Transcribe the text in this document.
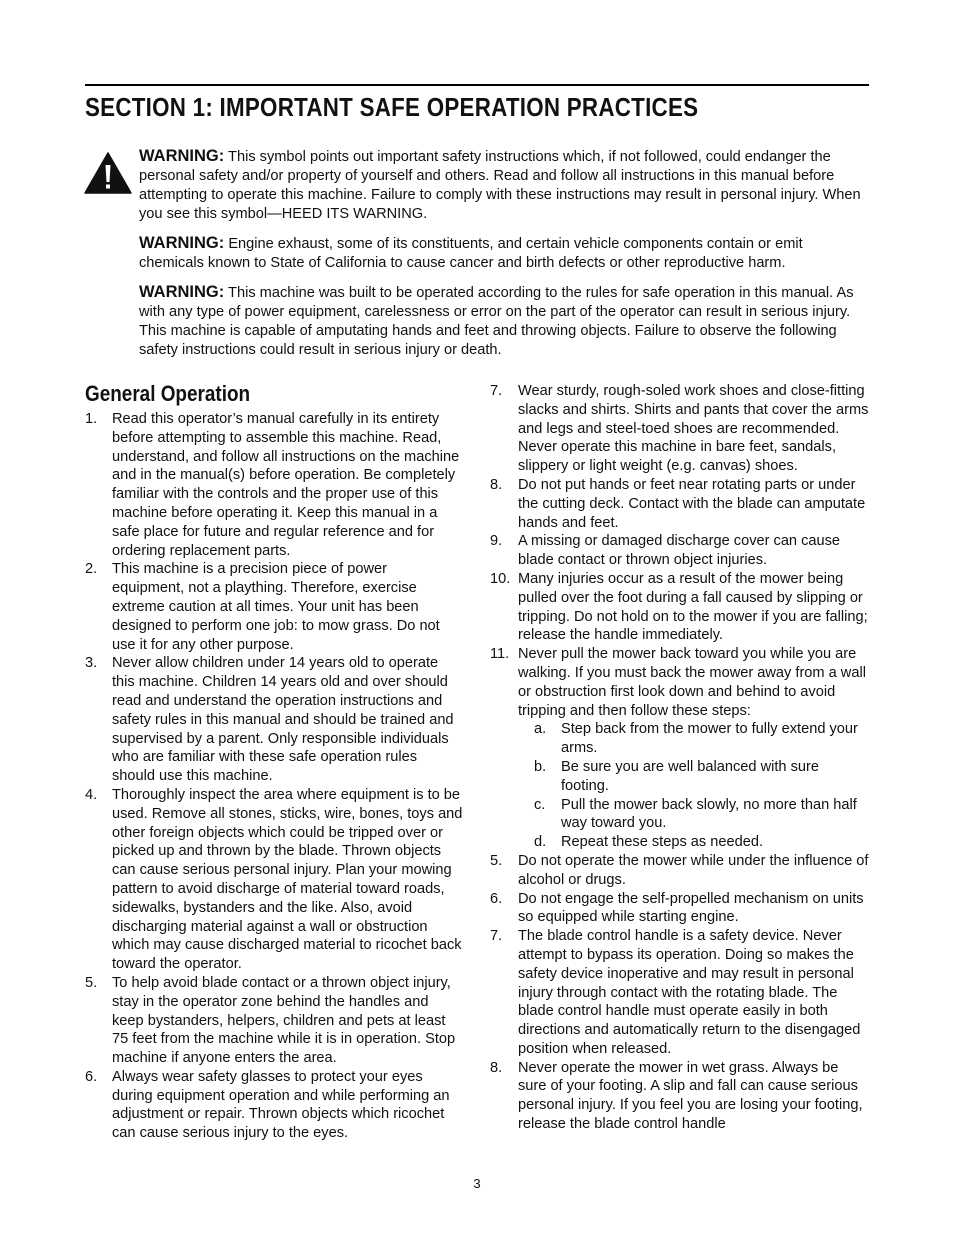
SECTION 1: IMPORTANT SAFE OPERATION PRACTICES

WARNING: This symbol points out important safety instructions which, if not followed, could endanger the personal safety and/or property of yourself and others. Read and follow all instructions in this manual before attempting to operate this machine. Failure to comply with these instructions may result in personal injury. When you see this symbol—HEED ITS WARNING.

WARNING: Engine exhaust, some of its constituents, and certain vehicle components contain or emit chemicals known to State of California to cause cancer and birth defects or other reproductive harm.

WARNING: This machine was built to be operated according to the rules for safe operation in this manual. As with any type of power equipment, carelessness or error on the part of the operator can result in serious injury. This machine is capable of amputating hands and feet and throwing objects. Failure to observe the following safety instructions could result in serious injury or death.

General Operation
1. Read this operator’s manual carefully in its entirety before attempting to assemble this machine. Read, understand, and follow all instructions on the machine and in the manual(s) before operation. Be completely familiar with the controls and the proper use of this machine before operating it. Keep this manual in a safe place for future and regular reference and for ordering replacement parts.
2. This machine is a precision piece of power equipment, not a plaything. Therefore, exercise extreme caution at all times. Your unit has been designed to perform one job: to mow grass. Do not use it for any other purpose.
3. Never allow children under 14 years old to operate this machine. Children 14 years old and over should read and understand the operation instructions and safety rules in this manual and should be trained and supervised by a parent. Only responsible individuals who are familiar with these safe operation rules should use this machine.
4. Thoroughly inspect the area where equipment is to be used. Remove all stones, sticks, wire, bones, toys and other foreign objects which could be tripped over or picked up and thrown by the blade. Thrown objects can cause serious personal injury. Plan your mowing pattern to avoid discharge of material toward roads, sidewalks, bystanders and the like. Also, avoid discharging material against a wall or obstruction which may cause discharged material to ricochet back toward the operator.
5. To help avoid blade contact or a thrown object injury, stay in the operator zone behind the handles and keep bystanders, helpers, children and pets at least 75 feet from the machine while it is in operation. Stop machine if anyone enters the area.
6. Always wear safety glasses to protect your eyes during equipment operation and while performing an adjustment or repair. Thrown objects which ricochet can cause serious injury to the eyes.
7. Wear sturdy, rough-soled work shoes and close-fitting slacks and shirts. Shirts and pants that cover the arms and legs and steel-toed shoes are recommended. Never operate this machine in bare feet, sandals, slippery or light weight (e.g. canvas) shoes.
8. Do not put hands or feet near rotating parts or under the cutting deck. Contact with the blade can amputate hands and feet.
9. A missing or damaged discharge cover can cause blade contact or thrown object injuries.
10. Many injuries occur as a result of the mower being pulled over the foot during a fall caused by slipping or tripping. Do not hold on to the mower if you are falling; release the handle immediately.
11. Never pull the mower back toward you while you are walking. If you must back the mower away from a wall or obstruction first look down and behind to avoid tripping and then follow these steps:
a. Step back from the mower to fully extend your arms.
b. Be sure you are well balanced with sure footing.
c. Pull the mower back slowly, no more than half way toward you.
d. Repeat these steps as needed.
5. Do not operate the mower while under the influence of alcohol or drugs.
6. Do not engage the self-propelled mechanism on units so equipped while starting engine.
7. The blade control handle is a safety device. Never attempt to bypass its operation. Doing so makes the safety device inoperative and may result in personal injury through contact with the rotating blade. The blade control handle must operate easily in both directions and automatically return to the disengaged position when released.
8. Never operate the mower in wet grass. Always be sure of your footing. A slip and fall can cause serious personal injury. If you feel you are losing your footing, release the blade control handle
3
